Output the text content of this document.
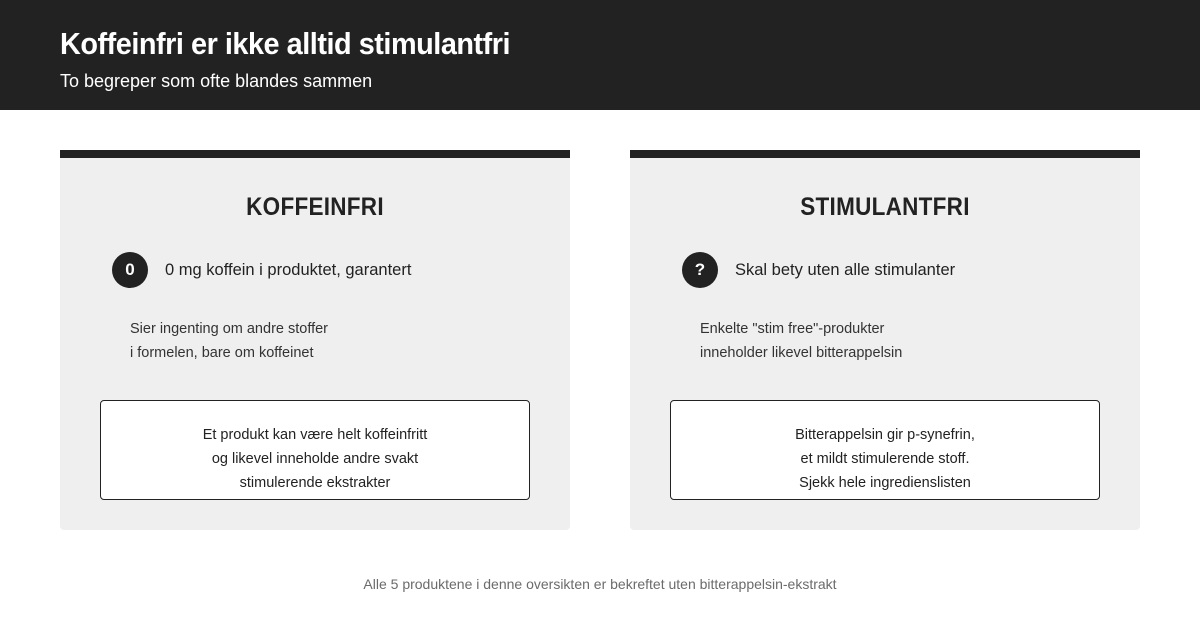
Koffeinfri er ikke alltid stimulantfri
To begreper som ofte blandes sammen
KOFFEINFRI
0	0 mg koffein i produktet, garantert
Sier ingenting om andre stoffer
i formelen, bare om koffeinet
Et produkt kan være helt koffeinfritt
og likevel inneholde andre svakt
stimulerende ekstrakter
STIMULANTFRI
?	Skal bety uten alle stimulanter
Enkelte "stim free"-produkter
inneholder likevel bitterappelsin
Bitterappelsin gir p-synefrin,
et mildt stimulerende stoff.
Sjekk hele ingredienslisten
Alle 5 produktene i denne oversikten er bekreftet uten bitterappelsin-ekstrakt
